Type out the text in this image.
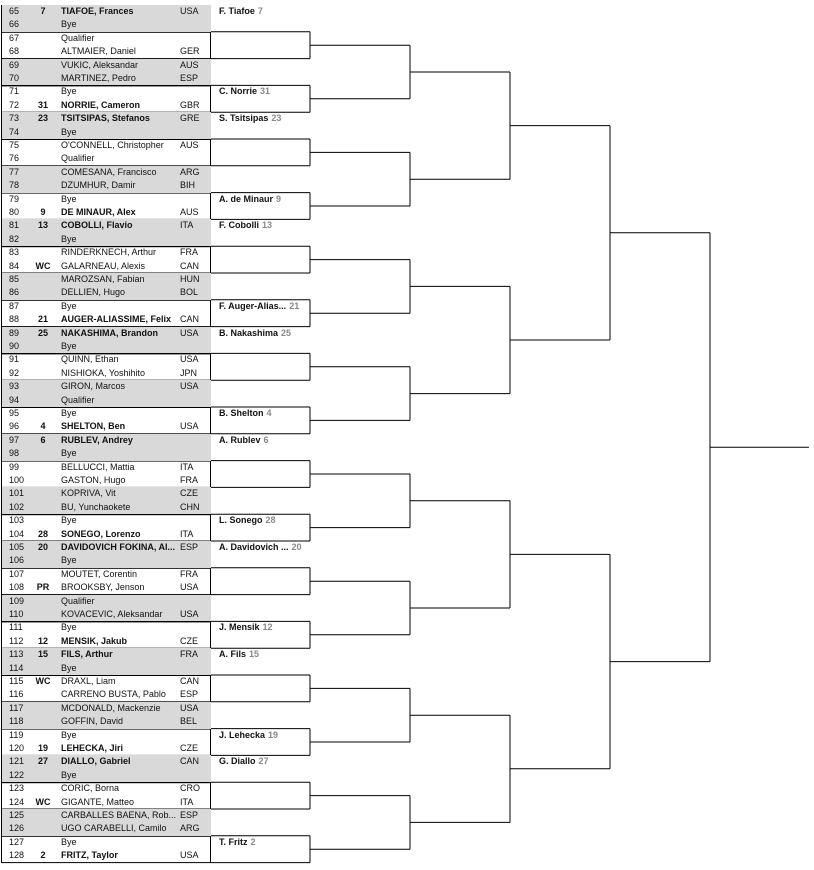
65	7	TIAFOE, Frances	USA
66	Bye
67	Qualifier
68	ALTMAIER, Daniel	GER
69	VUKIC, Aleksandar	AUS
70	MARTINEZ, Pedro	ESP
71	Bye
72	31	NORRIE, Cameron	GBR
73	23	TSITSIPAS, Stefanos	GRE
74	Bye
75	O'CONNELL, Christopher	AUS
76	Qualifier
77	COMESANA, Francisco	ARG
78	DZUMHUR, Damir	BIH
79	Bye
80	9	DE MINAUR, Alex	AUS
81	13	COBOLLI, Flavio	ITA
82	Bye
83	RINDERKNECH, Arthur	FRA
84	WC	GALARNEAU, Alexis	CAN
85	MAROZSAN, Fabian	HUN
86	DELLIEN, Hugo	BOL
87	Bye
88	21	AUGER-ALIASSIME, Felix CAN
89	25	NAKASHIMA, Brandon	USA
90	Bye
91	QUINN, Ethan	USA
92	NISHIOKA, Yoshihito	JPN
93	GIRON, Marcos	USA
94	Qualifier
95	Bye
96	4	SHELTON, Ben	USA
97	6	RUBLEV, Andrey
98	Bye
99	BELLUCCI, Mattia	ITA
100	GASTON, Hugo	FRA
101	KOPRIVA, Vit	CZE
102	BU, Yunchaokete	CHN
103	Bye
104	28	SONEGO, Lorenzo	ITA
105	20	DAVIDOVICH FOKINA, Al... ESP
106	Bye
107	MOUTET, Corentin	FRA
108	PR	BROOKSBY, Jenson	USA
109	Qualifier
110	KOVACEVIC, Aleksandar	USA
111	Bye
112	12	MENSIK, Jakub	CZE
113	15	FILS, Arthur	FRA
114	Bye
115	WC	DRAXL, Liam	CAN
116	CARRENO BUSTA, Pablo	ESP
117	MCDONALD, Mackenzie	USA
118	GOFFIN, David	BEL
119	Bye
120	19	LEHECKA, Jiri	CZE
121	27	DIALLO, Gabriel	CAN
122	Bye
123	CORIC, Borna	CRO
124	WC	GIGANTE, Matteo	ITA
125	CARBALLES BAENA, Rob... ESP
126	UGO CARABELLI, Camilo	ARG
127	Bye
128	2	FRITZ, Taylor	USA
F. Tiafoe 7
C. Norrie 31
S. Tsitsipas 23
A. de Minaur 9
F. Cobolli 13
F. Auger-Alias... 21
B. Nakashima 25
B. Shelton 4
A. Rublev 6
L. Sonego 28
A. Davidovich ... 20
J. Mensik 12
A. Fils 15
J. Lehecka 19
G. Diallo 27
T. Fritz 2
